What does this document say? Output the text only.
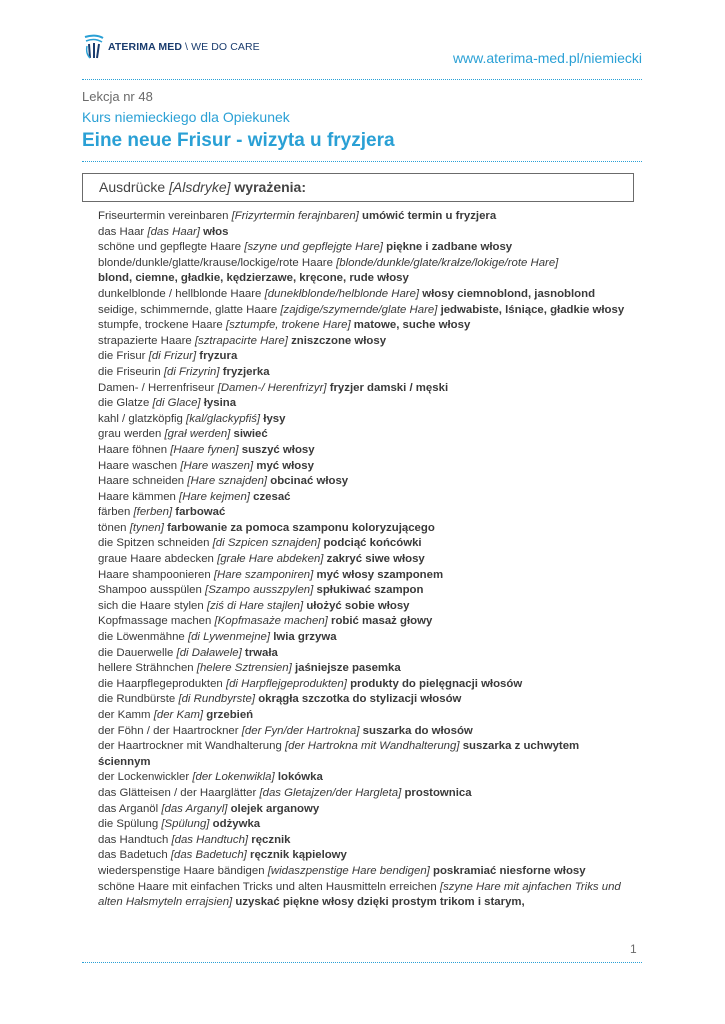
ATERIMA MED \ WE DO CARE
www.aterima-med.pl/niemiecki
Lekcja nr 48
Kurs niemieckiego dla Opiekunek
Eine neue Frisur - wizyta u fryzjera
Ausdrücke [Alsdryke] wyrażenia:
Friseurtermin vereinbaren [Frizyrtermin ferajnbaren] umówić termin u fryzjera
das Haar [das Haar] włos
schöne und gepflegte Haare [szyne und gepflejgte Hare] piękne i zadbane włosy
blonde/dunkle/glatte/krause/lockige/rote Haare [blonde/dunkle/glate/krałze/lokige/rote Hare]
blond, ciemne, gładkie, kędzierzawe, kręcone, rude włosy
dunkelblonde / hellblonde Haare [dunekłblonde/helblonde Hare] włosy ciemnoblond, jasnoblond
seidige, schimmernde, glatte Haare [zajdige/szymernde/glate Hare] jedwabiste, lśniące, gładkie włosy
stumpfe, trockene Haare [sztumpfe, trokene Hare] matowe, suche włosy
strapazierte Haare [sztrapacirte Hare] zniszczone włosy
die Frisur [di Frizur] fryzura
die Friseurin [di Frizyrin] fryzjerka
Damen- / Herrenfriseur [Damen-/ Herenfrizyr] fryzjer damski / męski
die Glatze [di Glace] łysina
kahl / glatzköpfig [kal/glackypfiś] łysy
grau werden [grał werden] siwieć
Haare föhnen [Haare fynen] suszyć włosy
Haare waschen [Hare waszen] myć włosy
Haare schneiden [Hare sznajden] obcinać włosy
Haare kämmen [Hare kejmen] czesać
färben [ferben] farbować
tönen [tynen] farbowanie za pomoca szamponu koloryzującego
die Spitzen schneiden [di Szpicen sznajden] podciąć końcówki
graue Haare abdecken [grałe Hare abdeken] zakryć siwe włosy
Haare shampoonieren [Hare szamponiren] myć włosy szamponem
Shampoo ausspülen [Szampo ausszpylen] spłukiwać szampon
sich die Haare stylen [ziś di Hare stajlen] ułożyć sobie włosy
Kopfmassage machen [Kopfmasaże machen] robić masaż głowy
die Löwenmähne [di Lywenmejne] lwia grzywa
die Dauerwelle [di Daławele] trwała
hellere Strähnchen [helere Sztrensien] jaśniejsze pasemka
die Haarpflegeprodukten [di Harpflejgeprodukten] produkty do pielęgnacji włosów
die Rundbürste [di Rundbyrste] okrągła szczotka do stylizacji włosów
der Kamm [der Kam] grzebień
der Föhn / der Haartrockner [der Fyn/der Hartrokna] suszarka do włosów
der Haartrockner mit Wandhalterung [der Hartrokna mit Wandhalterung] suszarka z uchwytem ściennym
der Lockenwickler [der Lokenwikla] lokówka
das Glätteisen / der Haarglätter [das Gletajzen/der Hargleta] prostownica
das Arganöl [das Arganyl] olejek arganowy
die Spülung [Spülung] odżywka
das Handtuch [das Handtuch] ręcznik
das Badetuch [das Badetuch] ręcznik kąpielowy
wiederspenstige Haare bändigen [widaszpenstige Hare bendigen] poskramiać niesforne włosy
schöne Haare mit einfachen Tricks und alten Hausmitteln erreichen [szyne Hare mit ajnfachen Triks und alten Hałsmyteln errajsien] uzyskać piękne włosy dzięki prostym trikom i starym,
1
